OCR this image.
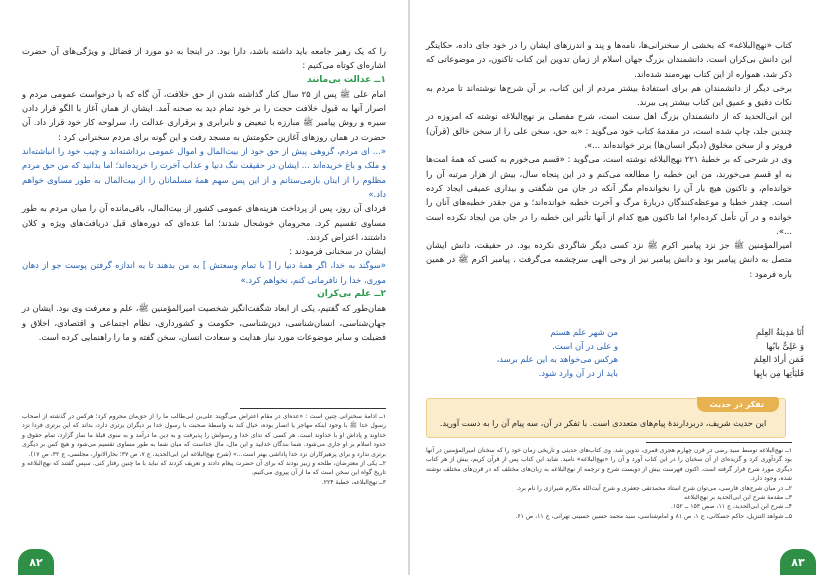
را که یک رهبر جامعه باید داشته باشد، دارا بود. در اینجا به دو مورد از فضائل و ویژگی‌های آن حضرت اشاره‌ای کوتاه می‌کنیم :

۱ــ عدالت بی‌مانند

امام علی ﷺ پس از ۲۵ سال کنار گذاشته شدن از حق خلافت، آن گاه که با درخواست عمومی مردم و اصرار آنها به قبول خلافت حجت را بر خود تمام دید به صحنه آمد. ایشان از همان آغاز با الگو قرار دادن سیره و روش پیامبر ﷺ مبارزه با تبعیض و نابرابری و برقراری عدالت را، سرلوحه کار خود قرار داد. آن حضرت در همان روزهای آغازین حکومتش به مسجد رفت و این گونه برای مردم سخنرانی کرد :

«... ای مردم، گروهی پیش از حق خود از بیت‌المال و اموال عمومی برداشته‌اند و چیب خود را انباشته‌اند و ملک و باغ خریده‌اند ... ایشان در حقیقت ننگ دنیا و عذاب آخرت را خریده‌اند؛ اما بدانید که من حق مردم مظلوم را از اینان بازمی‌ستانم و از این پس سهم همهٔ مسلمانان را از بیت‌المال به طور مساوی خواهم داد.»

فردای آن روز، پس از پرداخت هزینه‌های عمومی کشور از بیت‌المال، باقی‌مانده آن را میان مردم به طور مساوی تقسیم کرد. محرومان خوشحال شدند؛ اما عده‌ای که دوره‌های قبل دریافت‌های ویژه و کلان داشتند، اعتراض کردند.

ایشان در سخنانی فرمودند :

«سوگند به خدا، اگر همهٔ دنیا را [ با تمام وسعتش ] به من بدهند تا به اندازه گرفتن پوست جو از دهان موری، خدا را نافرمانی کنم، نخواهم کرد.»

۲ــ علم بی‌کران

همان‌طور که گفتیم، یکی از ابعاد شگفت‌انگیز شخصیت امیرالمؤمنین ﷺ، علم و معرفت وی بود. ایشان در جهان‌شناسی، انسان‌شناسی، دین‌شناسی، حکومت و کشورداری، نظام اجتماعی و اقتصادی، اخلاق و فضیلت و سایر موضوعات مورد نیاز هدایت و سعادت انسان، سخن گفته و ما را راهنمایی کرده است.

۱ــ ادامهٔ سخنرانی چنین است : «عده‌ای در مقام اعتراض می‌گویند علی‌بن ابی‌طالب ما را از حق‌مان محروم کرد؛ هرکس در گذشته از اصحاب رسول خدا ﷺ با وجود اینکه مهاجر یا انصار بوده، خیال کند به واسطهٔ صحبت با رسول خدا بر دیگران برتری دارد، بداند که این برتری فردا نزد خداوند و پاداش او با خداوند است. هر کسی که ندای خدا و رسولش را پذیرفت و به دین ما درآمد و به سوی قبلهٔ ما نماز گزارد، تمام حقوق و حدود اسلام بر او جاری می‌شود. شما بندگان خدایید و این مال، مال خداست که میان شما به طور مساوی تقسیم می‌شود و هیچ کس بر دیگری برتری ندارد و برای پرهیزکاران نزد خدا پاداشی بهتر است...» (شرح نهج‌البلاغه ابن ابی‌الحدید، ج ۷، ص ۳۷؛ بحارالانوار، مجلسی، ج ۳۲، ص ۱۷).

۲ــ یکی از معترضان، طلحه و زبیر بودند که برای آن حضرت پیغام دادند و تعریف کردند که نباید با ما چنین رفتار کنی. سپس گفتند که نهج‌البلاغه و تاریخ گواه این سخن است که ما از آن پیروی می‌کنیم.

۳ــ نهج‌البلاغه، خطبهٔ ۲۲۴.

۸۲

کتاب «نهج‌البلاغه» که بخشی از سخنرانی‌ها، نامه‌ها و پند و اندرزهای ایشان را در خود جای داده، حکایتگر این دانش بی‌کران است. دانشمندان بزرگ جهان اسلام از زمان تدوین این کتاب تاکنون، در موضوعاتی که ذکر شد، همواره از این کتاب بهره‌مند شده‌اند.

برخی دیگر از دانشمندان هم برای استفادهٔ بیشتر مردم از این کتاب، بر آن شرح‌ها نوشته‌اند تا مردم به نکات دقیق و عمیق این کتاب بیشتر پی ببرند.

ابن ابی‌الحدید که از دانشمندان بزرگ اهل سنت است، شرح مفصلی بر نهج‌البلاغه نوشته که امروزه در چندین جلد، چاپ شده است، در مقدمهٔ کتاب خود می‌گوید : «به حق، سخن علی را از سخن خالق (قرآن) فروتر و از سخن مخلوق (دیگر انسان‌ها) برتر خوانده‌اند ...».

وی در شرحی که بر خطبهٔ ۲۲۱ نهج‌البلاغه نوشته است، می‌گوید : «قسم می‌خورم به کسی که همهٔ امت‌ها به او قسم می‌خورند، من این خطبه را مطالعه می‌کنم و در این پنجاه سال، بیش از هزار مرتبه آن را خوانده‌ام، و تاکنون هیچ بار آن را نخوانده‌ام مگر آنکه در جان من شگفتی و بیداری عمیقی ایجاد کرده است. چقدر خطبا و موعظه‌کنندگان دربارهٔ مرگ و آخرت خطبه خوانده‌اند؛ و من جقدر خطبه‌های آنان را خوانده و در آن تأمل کرده‌ام! اما تاکنون هیچ کدام از آنها تأثیر این خطبه را در جان من ایجاد نکرده است ...».

امیرالمؤمنین ﷺ جز نزد پیامبر اکرم ﷺ نزد کسی دیگر شاگردی نکرده بود. در حقیقت، دانش ایشان متصل به دانش پیامبر بود و دانش پیامبر نیز از وحی الهی سرچشمه می‌گرفت . پیامبر اکرم ﷺ در همین باره فرمود :

أَنَا مَدِینَةُ العِلمِ
وَ عَلِیٌّ بابُها
فَمَن أرادَ العِلمَ
فَلیَأتِها مِن بابِها
من شهر علم هستم
و علی در آن است.
هرکس می‌خواهد به این علم برسد،
باید از در آن وارد شود.
تفکر در حدیث
این حدیث شریف، دربردارندهٔ پیام‌های متعددی است. با تفکر در آن، سه پیام آن را به دست آورید.

۱ــ نهج‌البلاغه توسط سید رضی در قرن چهارم هجری قمری، تدوین شد. وی کتاب‌های حدیثی و تاریخی زمان خود را که سخنان امیرالمؤمنین در آنها بود گردآوری کرد و گزیده‌ای از آن سخنان را در این کتاب آورد و آن را «نهج‌البلاغه» نامید. شاید این کتاب پس از قرآن کریم، بیش از هر کتاب دیگری مورد شرح قرار گرفته است. اکنون فهرست بیش از دویست شرح و ترجمه از نهج‌البلاغه به زبان‌های مختلف که در قرن‌های مختلف نوشته شده، وجود دارد.

۲ــ در میان شرح‌های فارسی، می‌توان شرح استاد محمدتقی جعفری و شرح آیت‌الله مکارم شیرازی را نام برد.

۳ــ مقدمهٔ شرح ابن ابی‌الحدید بر نهج‌البلاغه

۴ــ شرح ابن ابی‌الحدید، ج ۱۱، صص ۱۵۳ ــ ۱۵۲.

۵ــ شواهد التنزیل، حاکم حسکانی، ج ۱، ص ۸۱ و امام‌شناسی، سید محمد حسین حسینی تهرانی، ج ۱۱، ص ۶۱.

۸۳
